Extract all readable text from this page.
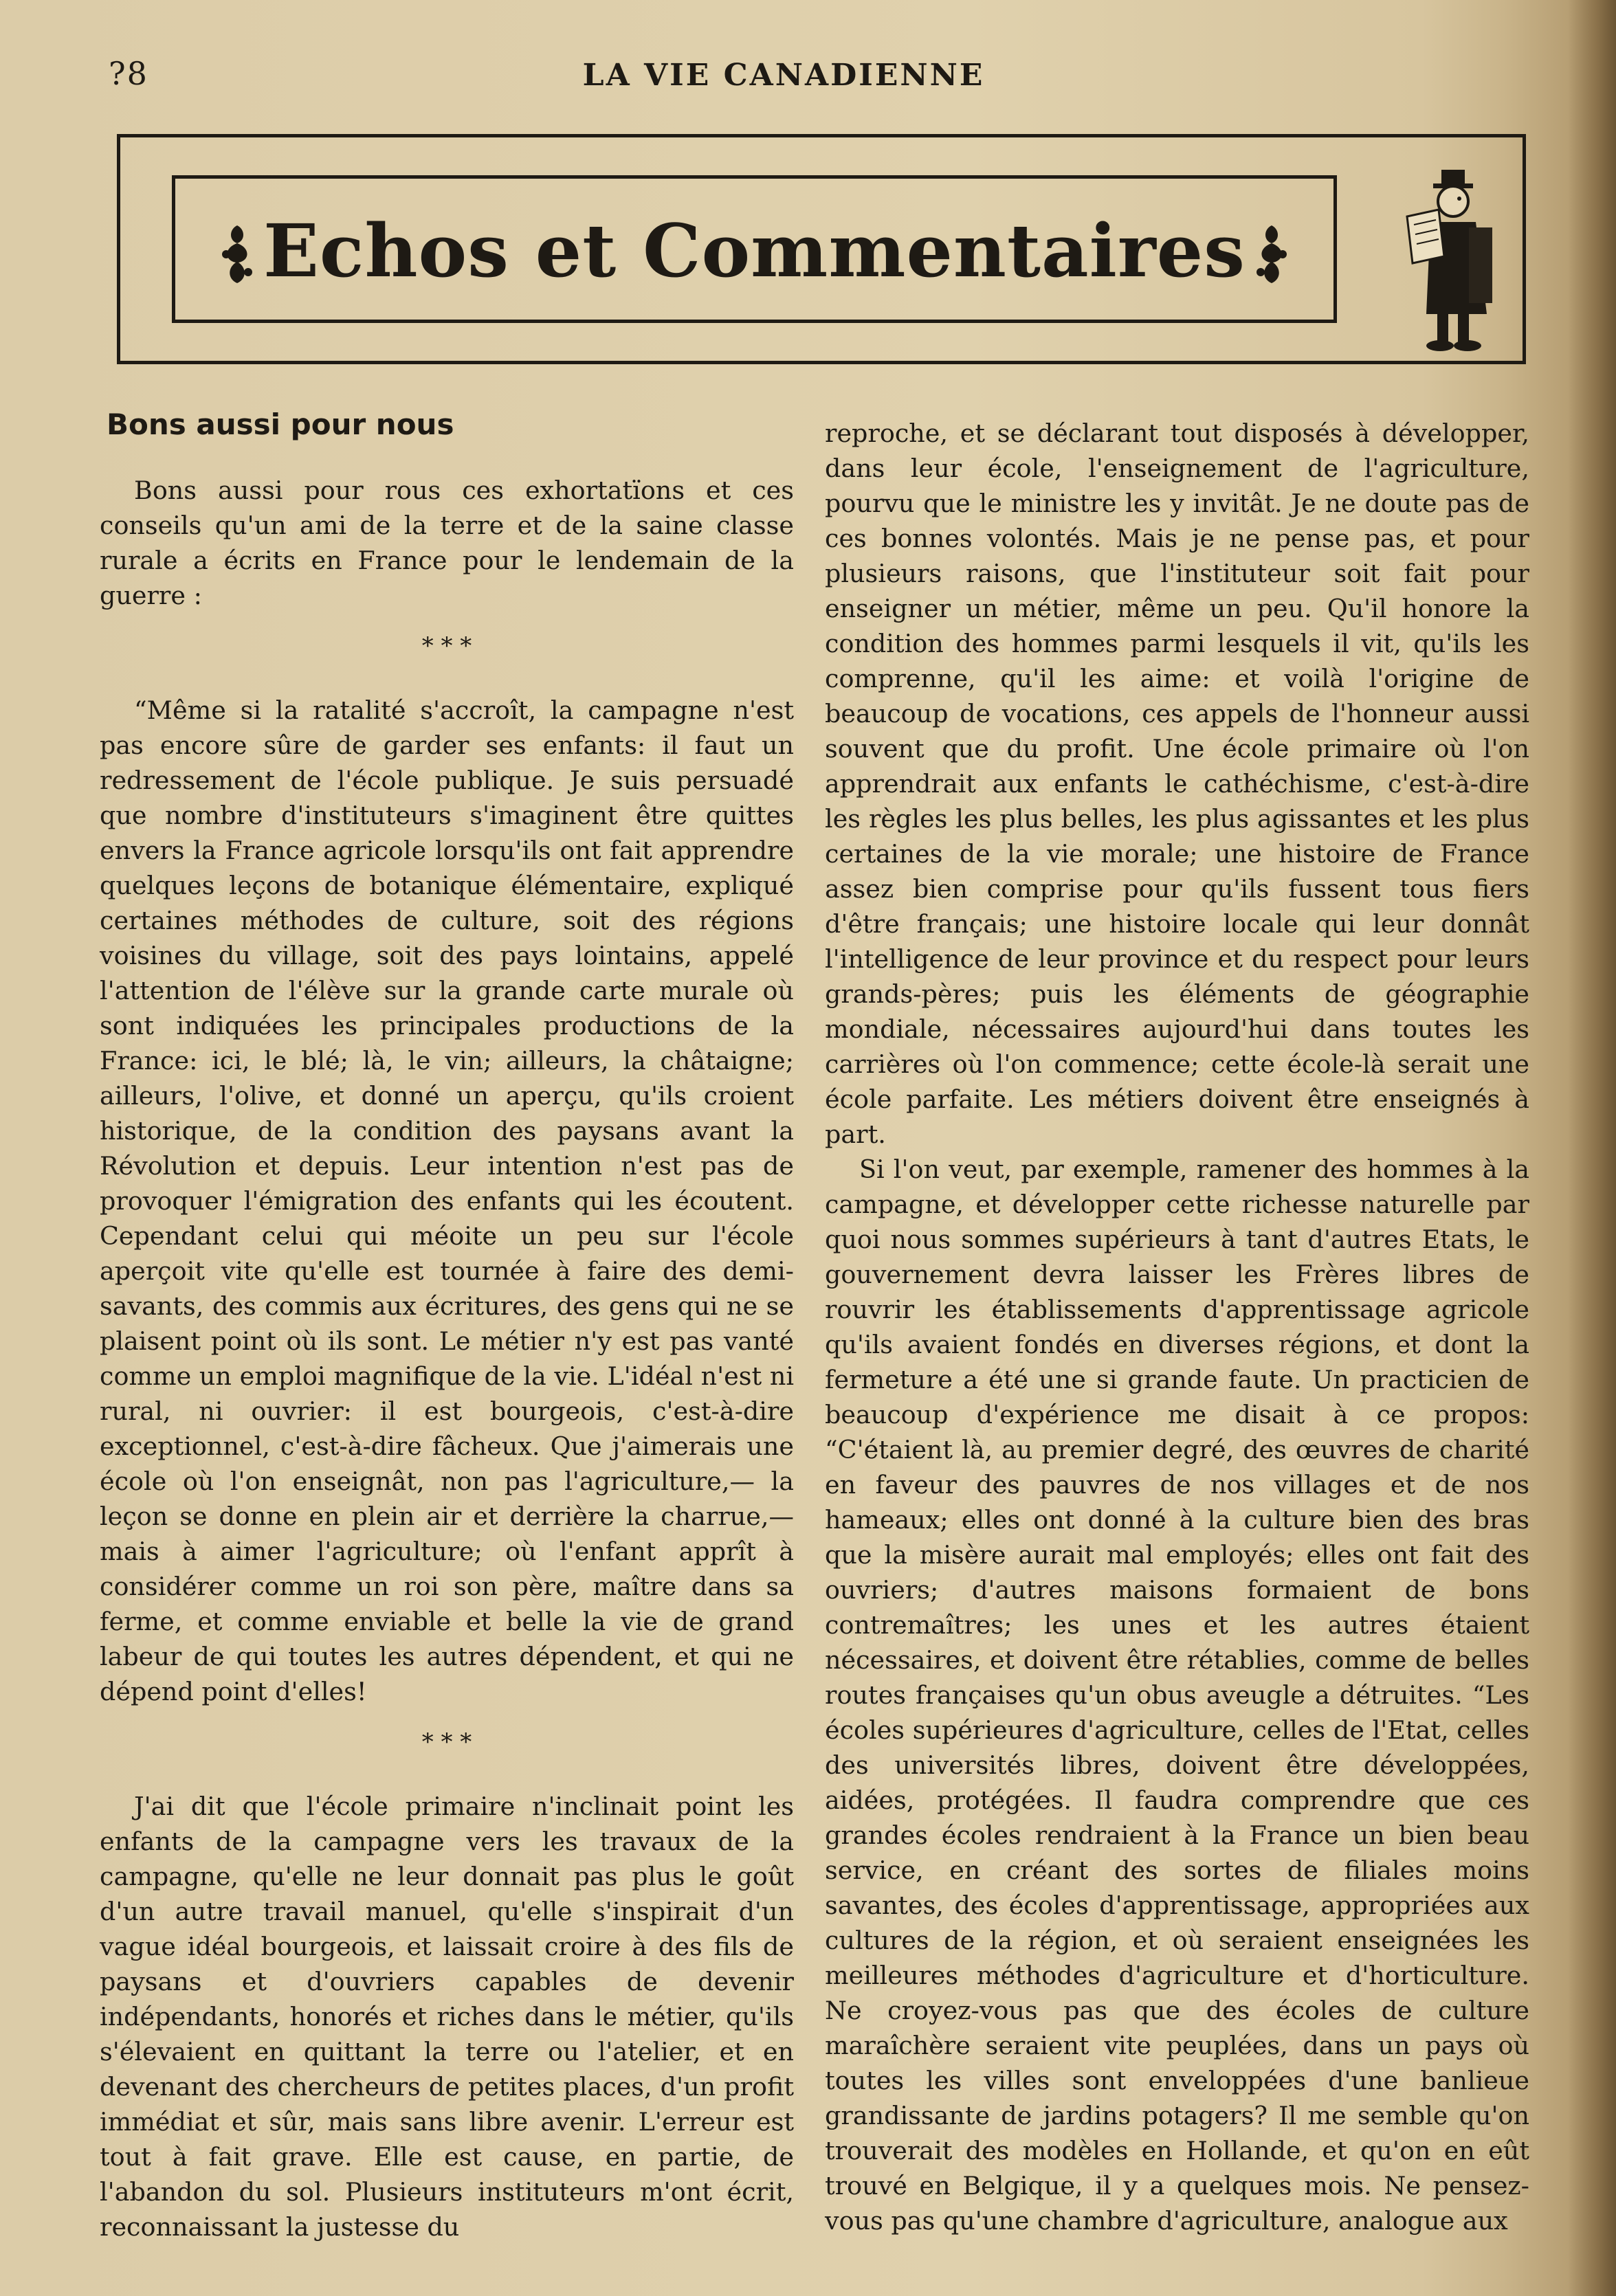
?8	LA VIE CANADIENNE
Echos et Commentaires
Bons aussi pour nous

Bons aussi pour rous ces exhortatïons et ces conseils qu'un ami de la terre et de la saine classe rurale a écrits en France pour le lendemain de la guerre :

* * *

“Même si la ratalité s'accroît, la campagne n'est pas encore sûre de garder ses enfants: il faut un redressement de l'école publique. Je suis persuadé que nombre d'instituteurs s'imaginent être quittes envers la France agricole lorsqu'ils ont fait apprendre quelques leçons de botanique élémentaire, expliqué certaines méthodes de culture, soit des régions voisines du village, soit des pays lointains, appelé l'attention de l'élève sur la grande carte murale où sont indiquées les principales productions de la France: ici, le blé; là, le vin; ailleurs, la châtaigne; ailleurs, l'olive, et donné un aperçu, qu'ils croient historique, de la condition des paysans avant la Révolution et depuis. Leur intention n'est pas de provoquer l'émigration des enfants qui les écoutent. Cependant celui qui méoite un peu sur l'école aperçoit vite qu'elle est tournée à faire des demi-savants, des commis aux écritures, des gens qui ne se plaisent point où ils sont. Le métier n'y est pas vanté comme un emploi magnifique de la vie. L'idéal n'est ni rural, ni ouvrier: il est bourgeois, c'est-à-dire exceptionnel, c'est-à-dire fâcheux. Que j'aimerais une école où l'on enseignât, non pas l'agriculture,— la leçon se donne en plein air et derrière la charrue,— mais à aimer l'agriculture; où l'enfant apprît à considérer comme un roi son père, maître dans sa ferme, et comme enviable et belle la vie de grand labeur de qui toutes les autres dépendent, et qui ne dépend point d'elles!

* * *

J'ai dit que l'école primaire n'inclinait point les enfants de la campagne vers les travaux de la campagne, qu'elle ne leur donnait pas plus le goût d'un autre travail manuel, qu'elle s'inspirait d'un vague idéal bourgeois, et laissait croire à des fils de paysans et d'ouvriers capables de devenir indépendants, honorés et riches dans le métier, qu'ils s'élevaient en quittant la terre ou l'atelier, et en devenant des chercheurs de petites places, d'un profit immédiat et sûr, mais sans libre avenir. L'erreur est tout à fait grave. Elle est cause, en partie, de l'abandon du sol. Plusieurs instituteurs m'ont écrit, reconnaissant la justesse du

reproche, et se déclarant tout disposés à développer, dans leur école, l'enseignement de l'agriculture, pourvu que le ministre les y invitât. Je ne doute pas de ces bonnes volontés. Mais je ne pense pas, et pour plusieurs raisons, que l'instituteur soit fait pour enseigner un métier, même un peu. Qu'il honore la condition des hommes parmi lesquels il vit, qu'ils les comprenne, qu'il les aime: et voilà l'origine de beaucoup de vocations, ces appels de l'honneur aussi souvent que du profit. Une école primaire où l'on apprendrait aux enfants le cathéchisme, c'est-à-dire les règles les plus belles, les plus agissantes et les plus certaines de la vie morale; une histoire de France assez bien comprise pour qu'ils fussent tous fiers d'être français; une histoire locale qui leur donnât l'intelligence de leur province et du respect pour leurs grands-pères; puis les éléments de géographie mondiale, nécessaires aujourd'hui dans toutes les carrières où l'on commence; cette école-là serait une école parfaite. Les métiers doivent être enseignés à part.

Si l'on veut, par exemple, ramener des hommes à la campagne, et développer cette richesse naturelle par quoi nous sommes supérieurs à tant d'autres Etats, le gouvernement devra laisser les Frères libres de rouvrir les établissements d'apprentissage agricole qu'ils avaient fondés en diverses régions, et dont la fermeture a été une si grande faute. Un practicien de beaucoup d'expérience me disait à ce propos: “C'étaient là, au premier degré, des œuvres de charité en faveur des pauvres de nos villages et de nos hameaux; elles ont donné à la culture bien des bras que la misère aurait mal employés; elles ont fait des ouvriers; d'autres maisons formaient de bons contremaîtres; les unes et les autres étaient nécessaires, et doivent être rétablies, comme de belles routes françaises qu'un obus aveugle a détruites. “Les écoles supérieures d'agriculture, celles de l'Etat, celles des universités libres, doivent être développées, aidées, protégées. Il faudra comprendre que ces grandes écoles rendraient à la France un bien beau service, en créant des sortes de filiales moins savantes, des écoles d'apprentissage, appropriées aux cultures de la région, et où seraient enseignées les meilleures méthodes d'agriculture et d'horticulture. Ne croyez-vous pas que des écoles de culture maraîchère seraient vite peuplées, dans un pays où toutes les villes sont enveloppées d'une banlieue grandissante de jardins potagers? Il me semble qu'on trouverait des modèles en Hollande, et qu'on en eût trouvé en Belgique, il y a quelques mois. Ne pensez-vous pas qu'une chambre d'agriculture, analogue aux
